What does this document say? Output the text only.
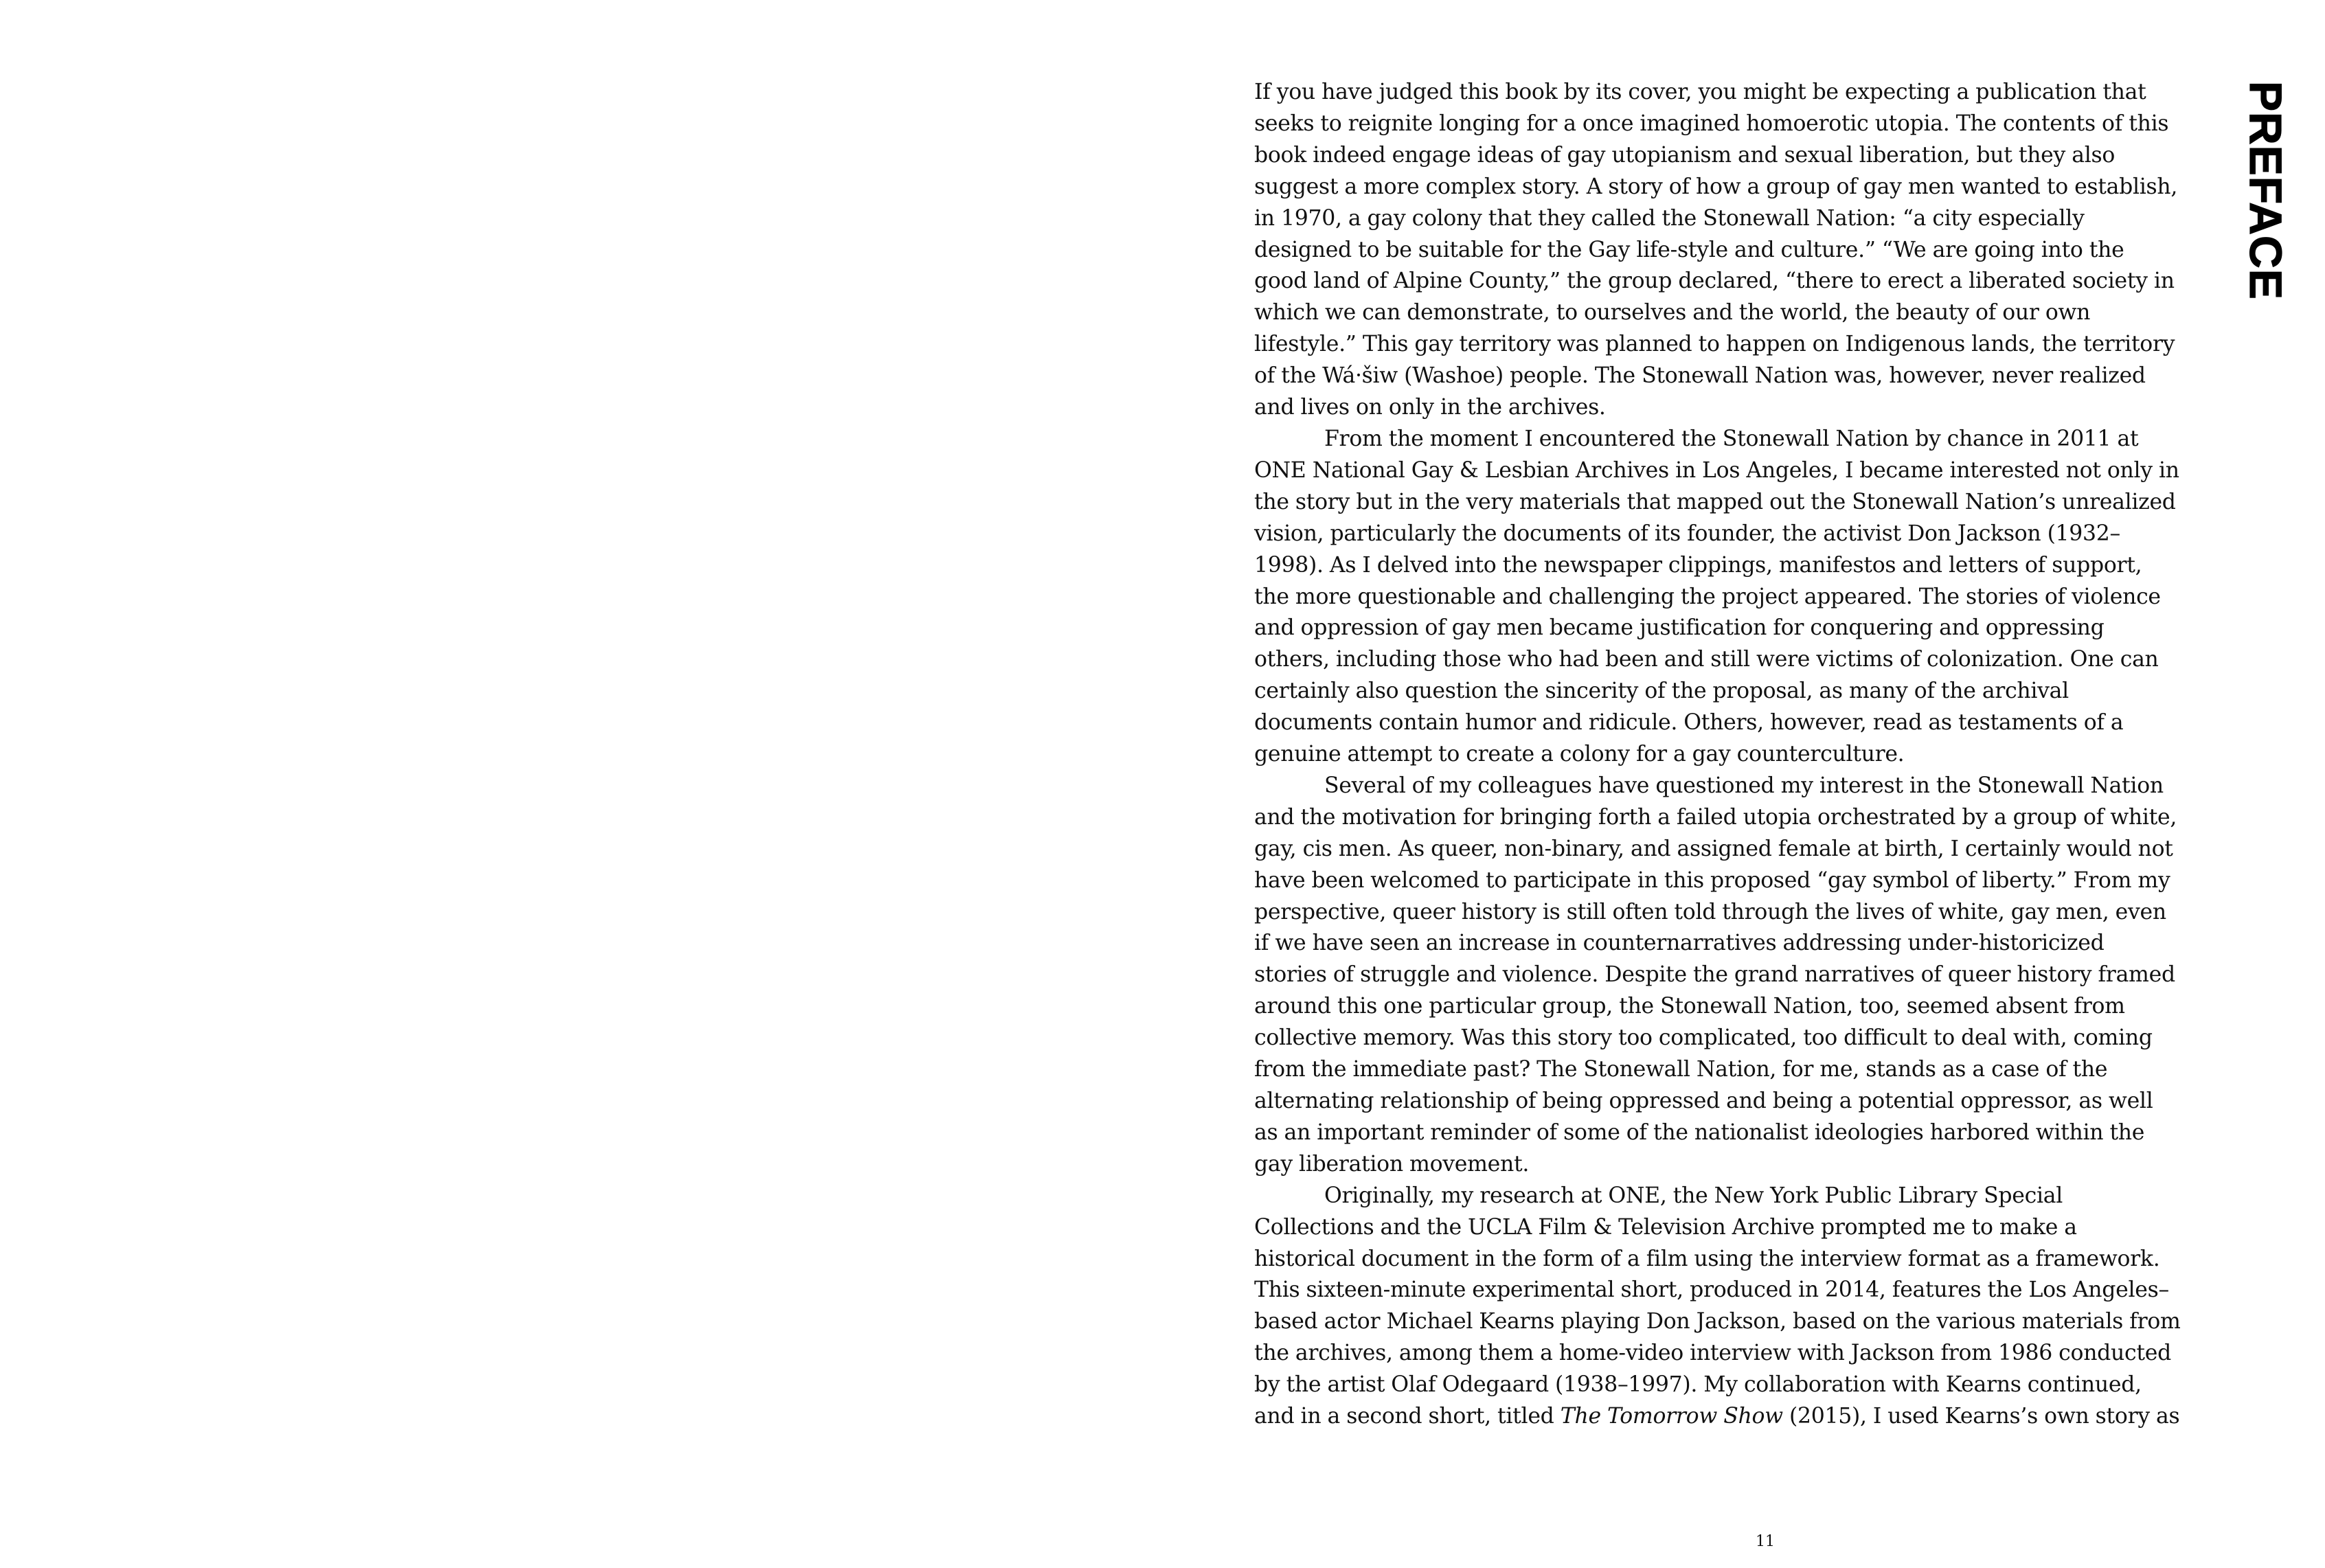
If you have judged this book by its cover, you might be expecting a publication that seeks to reignite longing for a once imagined homoerotic utopia. The contents of this book indeed engage ideas of gay utopianism and sexual liberation, but they also suggest a more complex story. A story of how a group of gay men wanted to establish, in 1970, a gay colony that they called the Stonewall Nation: “a city especially designed to be suitable for the Gay life-style and culture.” “We are going into the good land of Alpine County,” the group declared, “there to erect a liberated society in which we can demonstrate, to ourselves and the world, the beauty of our own lifestyle.” This gay territory was planned to happen on Indigenous lands, the territory of the Wá·šiw (Washoe) people. The Stonewall Nation was, however, never realized and lives on only in the archives.

From the moment I encountered the Stonewall Nation by chance in 2011 at ONE National Gay & Lesbian Archives in Los Angeles, I became interested not only in the story but in the very materials that mapped out the Stonewall Nation’s unrealized vision, particularly the documents of its founder, the activist Don Jackson (1932–1998). As I delved into the newspaper clippings, manifestos and letters of support, the more questionable and challenging the project appeared. The stories of violence and oppression of gay men became justification for conquering and oppressing others, including those who had been and still were victims of colonization. One can certainly also question the sincerity of the proposal, as many of the archival documents contain humor and ridicule. Others, however, read as testaments of a genuine attempt to create a colony for a gay counterculture.

Several of my colleagues have questioned my interest in the Stonewall Nation and the motivation for bringing forth a failed utopia orchestrated by a group of white, gay, cis men. As queer, non-binary, and assigned female at birth, I certainly would not have been welcomed to participate in this proposed “gay symbol of liberty.” From my perspective, queer history is still often told through the lives of white, gay men, even if we have seen an increase in counternarratives addressing under-historicized stories of struggle and violence. Despite the grand narratives of queer history framed around this one particular group, the Stonewall Nation, too, seemed absent from collective memory. Was this story too complicated, too difficult to deal with, coming from the immediate past? The Stonewall Nation, for me, stands as a case of the alternating relationship of being oppressed and being a potential oppressor, as well as an important reminder of some of the nationalist ideologies harbored within the gay liberation movement.

Originally, my research at ONE, the New York Public Library Special Collections and the UCLA Film & Television Archive prompted me to make a historical document in the form of a film using the interview format as a framework. This sixteen-minute experimental short, produced in 2014, features the Los Angeles–based actor Michael Kearns playing Don Jackson, based on the various materials from the archives, among them a home-video interview with Jackson from 1986 conducted by the artist Olaf Odegaard (1938–1997). My collaboration with Kearns continued, and in a second short, titled The Tomorrow Show (2015), I used Kearns’s own story as

PREFACE
11
